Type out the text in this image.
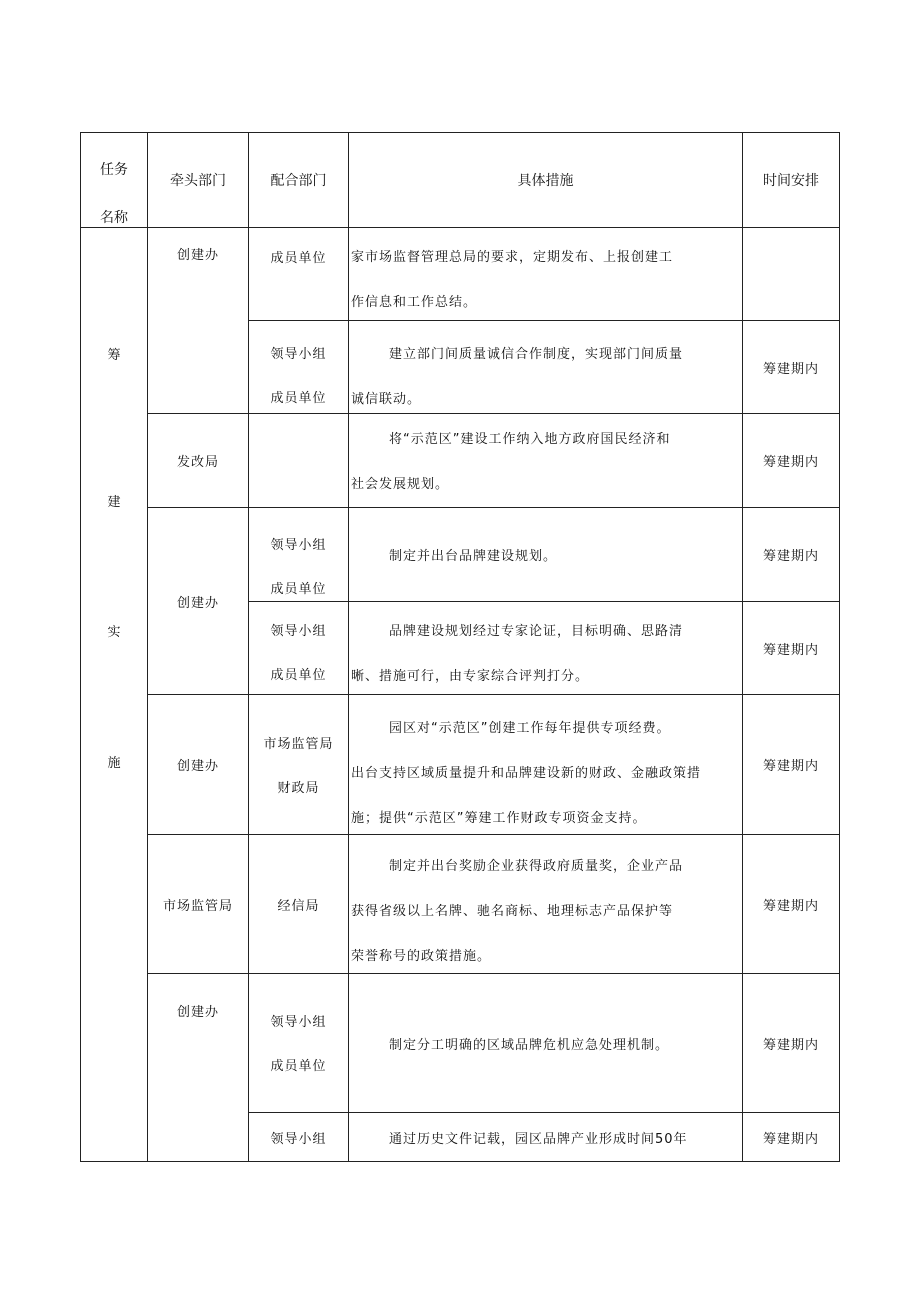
任务
名称	牵头部门	配合部门	具体措施	时间安排

筹
建
实
施	创建办	成员单位	家市场监督管理总局的要求，定期发布、上报创建工
作信息和工作总结。	

		领导小组
成员单位	建立部门间质量诚信合作制度，实现部门间质量
诚信联动。	筹建期内
	发改局		将“示范区”建设工作纳入地方政府国民经济和
社会发展规划。	筹建期内
	创建办	领导小组
成员单位	制定并出台品牌建设规划。	筹建期内

		领导小组
成员单位	品牌建设规划经过专家论证，目标明确、思路清
晰、措施可行，由专家综合评判打分。	筹建期内
	创建办	市场监管局
财政局	园区对“示范区”创建工作每年提供专项经费。
出台支持区域质量提升和品牌建设新的财政、金融政策措
施；提供“示范区”筹建工作财政专项资金支持。	筹建期内
	市场监管局	经信局	制定并出台奖励企业获得政府质量奖，企业产品
获得省级以上名牌、驰名商标、地理标志产品保护等
荣誉称号的政策措施。	筹建期内

	创建办	领导小组
成员单位	制定分工明确的区域品牌危机应急处理机制。	筹建期内
		领导小组	通过历史文件记载，园区品牌产业形成时间50年	筹建期内
